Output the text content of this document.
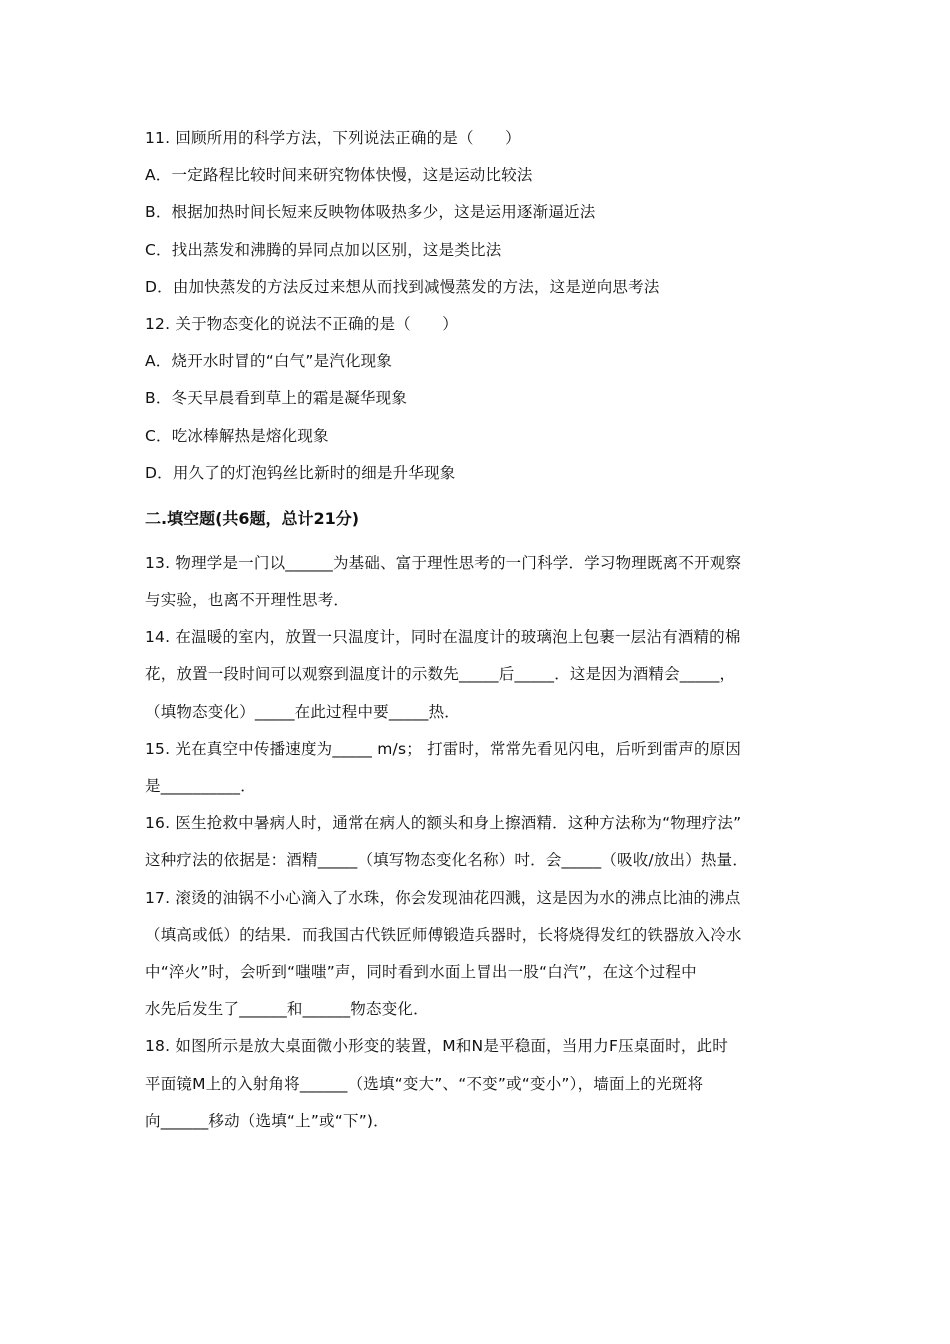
11. 回顾所用的科学方法，下列说法正确的是（　　）
A．一定路程比较时间来研究物体快慢，这是运动比较法
B．根据加热时间长短来反映物体吸热多少，这是运用逐渐逼近法
C．找出蒸发和沸腾的异同点加以区别，这是类比法
D．由加快蒸发的方法反过来想从而找到减慢蒸发的方法，这是逆向思考法
12. 关于物态变化的说法不正确的是（　　）
A．烧开水时冒的“白气”是汽化现象
B．冬天早晨看到草上的霜是凝华现象
C．吃冰棒解热是熔化现象
D．用久了的灯泡钨丝比新时的细是升华现象
二.填空题(共6题，总计21分)
13. 物理学是一门以______为基础、富于理性思考的一门科学．学习物理既离不开观察
与实验，也离不开理性思考．
14. 在温暖的室内，放置一只温度计，同时在温度计的玻璃泡上包裹一层沾有酒精的棉
花，放置一段时间可以观察到温度计的示数先_____后_____．这是因为酒精会_____，
（填物态变化）_____在此过程中要_____热．
15. 光在真空中传播速度为_____ m/s； 打雷时，常常先看见闪电，后听到雷声的原因
是__________．
16. 医生抢救中暑病人时，通常在病人的额头和身上擦酒精．这种方法称为“物理疗法”
这种疗法的依据是：酒精_____（填写物态变化名称）吋．会_____（吸收/放出）热量．
17. 滚烫的油锅不小心滴入了水珠，你会发现油花四溅，这是因为水的沸点比油的沸点
（填高或低）的结果．而我国古代铁匠师傅锻造兵器时，长将烧得发红的铁器放入冷水
中“淬火”时，会听到“嗤嗤”声，同时看到水面上冒出一股“白汽”，在这个过程中
水先后发生了______和______物态变化．
18. 如图所示是放大桌面微小形变的装置，M和N是平稳面，当用力F压桌面时，此时
平面镜M上的入射角将______（选填“变大”、“不变”或“变小”），墙面上的光斑将
向______移动（选填“上”或“下”)．
